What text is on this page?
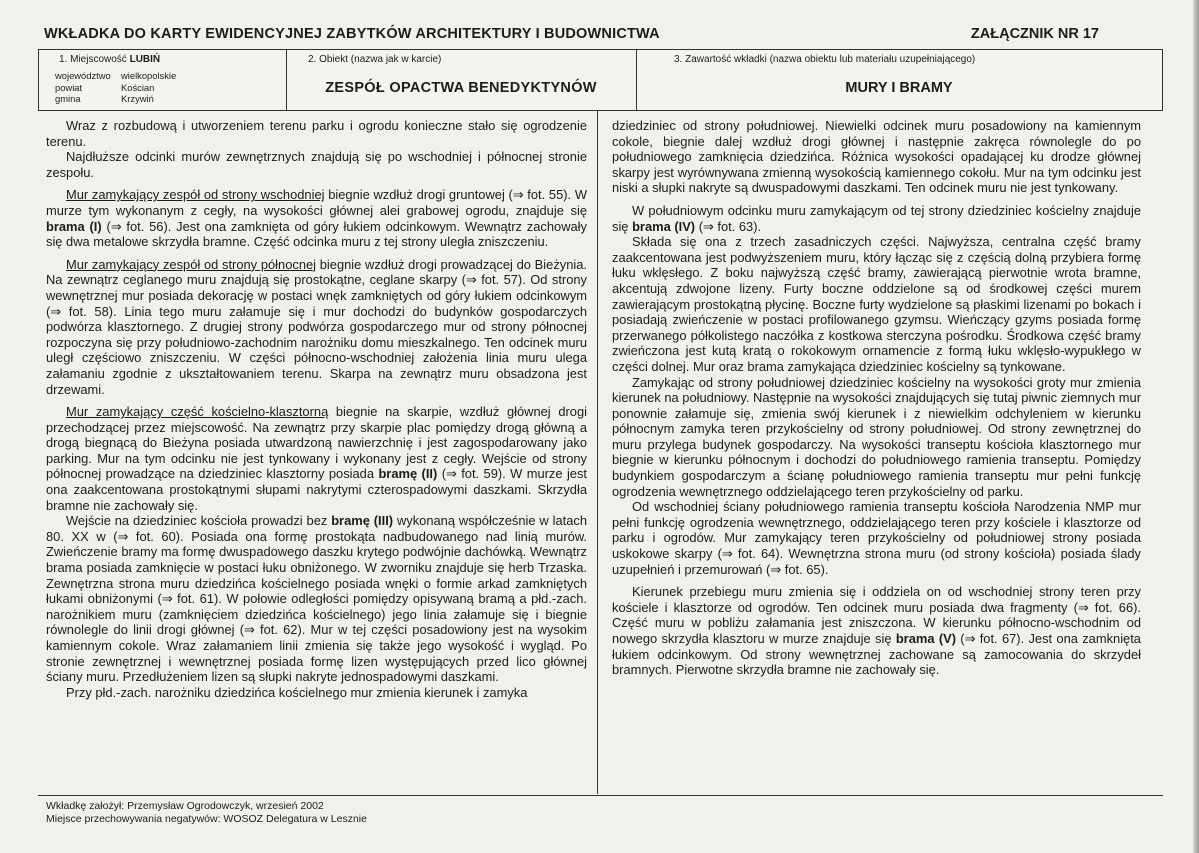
WKŁADKA DO KARTY EWIDENCYJNEJ ZABYTKÓW ARCHITEKTURY I BUDOWNICTWA	ZAŁĄCZNIK NR 17
1. Miejscowość LUBIŃ
województwo wielkopolskie
powiat	Kościan
gmina	Krzywiń
2. Obiekt (nazwa jak w karcie)
ZESPÓŁ OPACTWA BENEDYKTYNÓW
3. Zawartość wkładki (nazwa obiektu lub materiału uzupełniającego)
MURY I BRAMY

Wraz z rozbudową i utworzeniem terenu parku i ogrodu konieczne stało się ogrodzenie terenu.

Najdłuższe odcinki murów zewnętrznych znajdują się po wschodniej i północnej stronie zespołu.

Mur zamykający zespół od strony wschodniej biegnie wzdłuż drogi gruntowej (⇒ fot. 55). W murze tym wykonanym z cegły, na wysokości głównej alei grabowej ogrodu, znajduje się brama (I) (⇒ fot. 56). Jest ona zamknięta od góry łukiem odcinkowym. Wewnątrz zachowały się dwa metalowe skrzydła bramne. Część odcinka muru z tej strony uległa zniszczeniu.

Mur zamykający zespół od strony północnej biegnie wzdłuż drogi prowadzącej do Bieżynia. Na zewnątrz ceglanego muru znajdują się prostokątne, ceglane skarpy (⇒ fot. 57). Od strony wewnętrznej mur posiada dekorację w postaci wnęk zamkniętych od góry łukiem odcinkowym (⇒ fot. 58). Linia tego muru załamuje się i mur dochodzi do budynków gospodarczych podwórza klasztornego. Z drugiej strony podwórza gospodarczego mur od strony północnej rozpoczyna się przy południowo-zachodnim narożniku domu mieszkalnego. Ten odcinek muru uległ częściowo zniszczeniu. W części północno-wschodniej założenia linia muru ulega załamaniu zgodnie z ukształtowaniem terenu. Skarpa na zewnątrz muru obsadzona jest drzewami.

Mur zamykający część kościelno-klasztorną biegnie na skarpie, wzdłuż głównej drogi przechodzącej przez miejscowość. Na zewnątrz przy skarpie plac pomiędzy drogą główną a drogą biegnącą do Bieżyna posiada utwardzoną nawierzchnię i jest zagospodarowany jako parking. Mur na tym odcinku nie jest tynkowany i wykonany jest z cegły. Wejście od strony północnej prowadzące na dziedziniec klasztorny posiada bramę (II) (⇒ fot. 59). W murze jest ona zaakcentowana prostokątnymi słupami nakrytymi czterospadowymi daszkami. Skrzydła bramne nie zachowały się.

Wejście na dziedziniec kościoła prowadzi bez bramę (III) wykonaną współcześnie w latach 80. XX w (⇒ fot. 60). Posiada ona formę prostokąta nadbudowanego nad linią murów. Zwieńczenie bramy ma formę dwuspadowego daszku krytego podwójnie dachówką. Wewnątrz brama posiada zamknięcie w postaci łuku obniżonego. W zworniku znajduje się herb Trzaska. Zewnętrzna strona muru dziedzińca kościelnego posiada wnęki o formie arkad zamkniętych łukami obniżonymi (⇒ fot. 61). W połowie odległości pomiędzy opisywaną bramą a płd.-zach. narożnikiem muru (zamknięciem dziedzińca kościelnego) jego linia załamuje się i biegnie równolegle do linii drogi głównej (⇒ fot. 62). Mur w tej części posadowiony jest na wysokim kamiennym cokole. Wraz załamaniem linii zmienia się także jego wysokość i wygląd. Po stronie zewnętrznej i wewnętrznej posiada formę lizen występujących przed lico głównej ściany muru. Przedłużeniem lizen są słupki nakryte jednospadowymi daszkami.

Przy płd.-zach. narożniku dziedzińca kościelnego mur zmienia kierunek i zamyka

dziedziniec od strony południowej. Niewielki odcinek muru posadowiony na kamiennym cokole, biegnie dalej wzdłuż drogi głównej i następnie zakręca równolegle do po południowego zamknięcia dziedzińca. Różnica wysokości opadającej ku drodze głównej skarpy jest wyrównywana zmienną wysokością kamiennego cokołu. Mur na tym odcinku jest niski a słupki nakryte są dwuspadowymi daszkami. Ten odcinek muru nie jest tynkowany.

W południowym odcinku muru zamykającym od tej strony dziedziniec kościelny znajduje się brama (IV) (⇒ fot. 63).

Składa się ona z trzech zasadniczych części. Najwyższa, centralna część bramy zaakcentowana jest podwyższeniem muru, który łącząc się z częścią dolną przybiera formę łuku wklęsłego. Z boku najwyższą część bramy, zawierającą pierwotnie wrota bramne, akcentują zdwojone lizeny. Furty boczne oddzielone są od środkowej części murem zawierającym prostokątną płycinę. Boczne furty wydzielone są płaskimi lizenami po bokach i posiadają zwieńczenie w postaci profilowanego gzymsu. Wieńczący gzyms posiada formę przerwanego półkolistego naczółka z kostkowa sterczyna pośrodku. Środkowa część bramy zwieńczona jest kutą kratą o rokokowym ornamencie z formą łuku wklęsło-wypukłego w części dolnej. Mur oraz brama zamykająca dziedziniec kościelny są tynkowane.

Zamykając od strony południowej dziedziniec kościelny na wysokości groty mur zmienia kierunek na południowy. Następnie na wysokości znajdujących się tutaj piwnic ziemnych mur ponownie załamuje się, zmienia swój kierunek i z niewielkim odchyleniem w kierunku północnym zamyka teren przykościelny od strony południowej. Od strony zewnętrznej do muru przylega budynek gospodarczy. Na wysokości transeptu kościoła klasztornego mur biegnie w kierunku północnym i dochodzi do południowego ramienia transeptu. Pomiędzy budynkiem gospodarczym a ścianę południowego ramienia transeptu mur pełni funkcję ogrodzenia wewnętrznego oddzielającego teren przykościelny od parku.

Od wschodniej ściany południowego ramienia transeptu kościoła Narodzenia NMP mur pełni funkcję ogrodzenia wewnętrznego, oddzielającego teren przy kościele i klasztorze od parku i ogrodów. Mur zamykający teren przykościelny od południowej strony posiada uskokowe skarpy (⇒ fot. 64). Wewnętrzna strona muru (od strony kościoła) posiada ślady uzupełnień i przemurowań (⇒ fot. 65).

Kierunek przebiegu muru zmienia się i oddziela on od wschodniej strony teren przy kościele i klasztorze od ogrodów. Ten odcinek muru posiada dwa fragmenty (⇒ fot. 66). Część muru w pobliżu załamania jest zniszczona. W kierunku północno-wschodnim od nowego skrzydła klasztoru w murze znajduje się brama (V) (⇒ fot. 67). Jest ona zamknięta łukiem odcinkowym. Od strony wewnętrznej zachowane są zamocowania do skrzydeł bramnych. Pierwotne skrzydła bramne nie zachowały się.

Wkładkę założył: Przemysław Ogrodowczyk, wrzesień 2002
Miejsce przechowywania negatywów: WOSOZ Delegatura w Lesznie
